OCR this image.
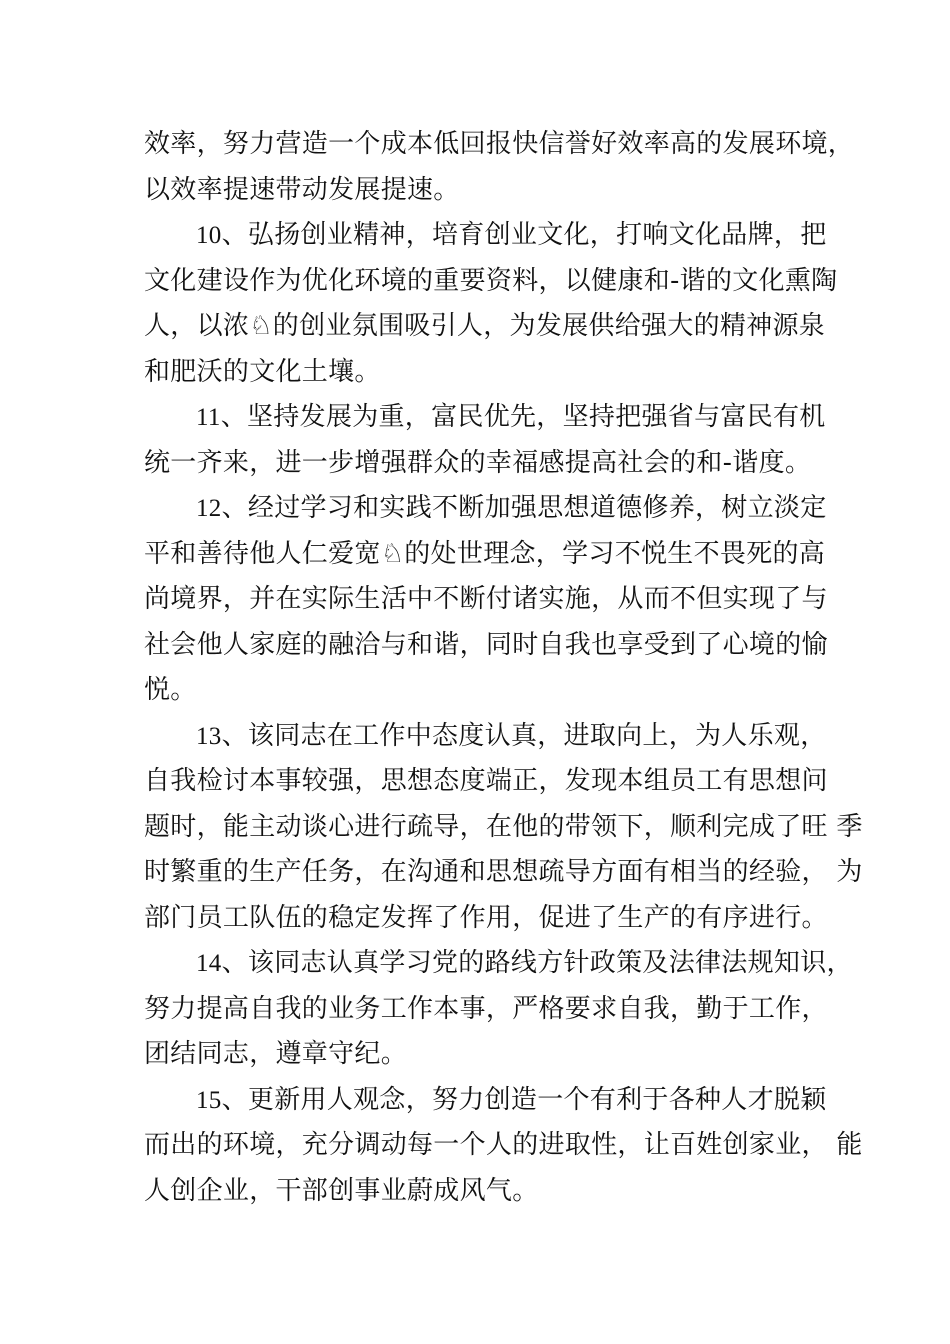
效率，努力营造一个成本低回报快信誉好效率高的发展环境，
以效率提速带动发展提速。
10、弘扬创业精神，培育创业文化，打响文化品牌，把
文化建设作为优化环境的重要资料，以健康和-谐的文化熏陶
人，以浓♘的创业氛围吸引人，为发展供给强大的精神源泉
和肥沃的文化土壤。
11、坚持发展为重，富民优先，坚持把强省与富民有机
统一齐来，进一步增强群众的幸福感提高社会的和-谐度。
12、经过学习和实践不断加强思想道德修养，树立淡定
平和善待他人仁爱宽♘的处世理念，学习不悦生不畏死的高
尚境界，并在实际生活中不断付诸实施，从而不但实现了与
社会他人家庭的融洽与和谐，同时自我也享受到了心境的愉
悦。
13、该同志在工作中态度认真，进取向上，为人乐观，
自我检讨本事较强，思想态度端正，发现本组员工有思想问
题时，能主动谈心进行疏导，在他的带领下，顺利完成了旺 季
时繁重的生产任务，在沟通和思想疏导方面有相当的经验， 为
部门员工队伍的稳定发挥了作用，促进了生产的有序进行。
14、该同志认真学习党的路线方针政策及法律法规知识，
努力提高自我的业务工作本事，严格要求自我，勤于工作，
团结同志，遵章守纪。
15、更新用人观念，努力创造一个有利于各种人才脱颖
而出的环境，充分调动每一个人的进取性，让百姓创家业， 能
人创企业，干部创事业蔚成风气。
